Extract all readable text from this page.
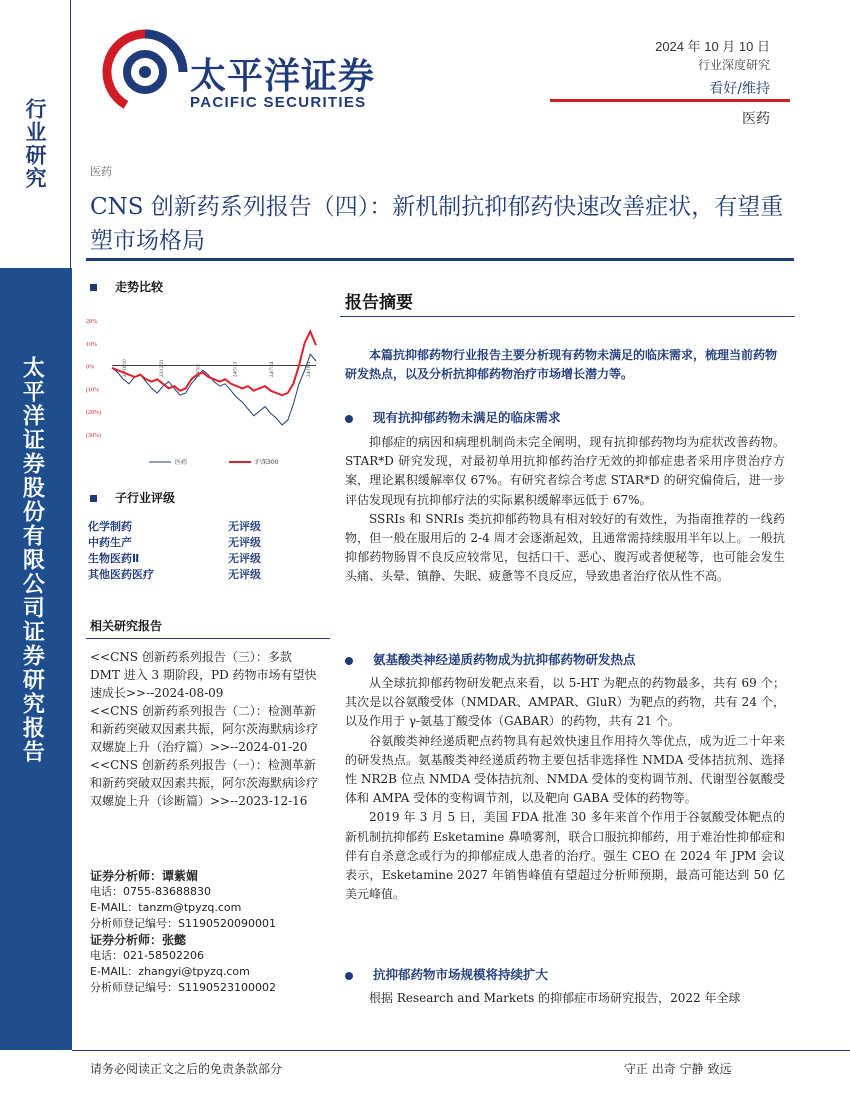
行业研究
太平洋证券股份有限公司证券研究报告
太平洋证券
PACIFIC SECURITIES
2024 年 10 月 10 日
行业深度研究
看好/维持
医药
医药
CNS 创新药系列报告（四）：新机制抗抑郁药快速改善症状，有望重塑市场格局
走势比较
20%
10%
0%
(10%
(20%)
(30%)
23/10/10	23/12/21	24/3/2	24/5/13	24/7/24	24/10/4
医药	沪深300
子行业评级
化学制药	无评级
中药生产	无评级
生物医药Ⅱ	无评级
其他医药医疗	无评级
相关研究报告
<<CNS 创新药系列报告（三）：多款 DMT 进入 3 期阶段，PD 药物市场有望快速成长>>--2024-08-09
<<CNS 创新药系列报告（二）：检测革新和新药突破双因素共振，阿尔茨海默病诊疗双螺旋上升（治疗篇）>>--2024-01-20
<<CNS 创新药系列报告（一）：检测革新和新药突破双因素共振，阿尔茨海默病诊疗双螺旋上升（诊断篇）>>--2023-12-16
证券分析师：谭紫媚
电话：0755-83688830
E-MAIL：tanzm@tpyzq.com
分析师登记编号：S1190520090001
证券分析师：张懿
电话：021-58502206
E-MAIL：zhangyi@tpyzq.com
分析师登记编号：S1190523100002
报告摘要
本篇抗抑郁药物行业报告主要分析现有药物未满足的临床需求，梳理当前药物研发热点，以及分析抗抑郁药物治疗市场增长潜力等。
现有抗抑郁药物未满足的临床需求

抑郁症的病因和病理机制尚未完全阐明，现有抗抑郁药物均为症状改善药物。STAR*D 研究发现，对最初单用抗抑郁药治疗无效的抑郁症患者采用序贯治疗方案，理论累积缓解率仅 67%。有研究者综合考虑 STAR*D 的研究偏倚后，进一步评估发现现有抗抑郁疗法的实际累积缓解率远低于 67%。

SSRIs 和 SNRIs 类抗抑郁药物具有相对较好的有效性，为指南推荐的一线药物，但一般在服用后的 2-4 周才会逐渐起效，且通常需持续服用半年以上。一般抗抑郁药物肠胃不良反应较常见，包括口干、恶心、腹泻或者便秘等，也可能会发生头痛、头晕、镇静、失眠、疲惫等不良反应，导致患者治疗依从性不高。

氨基酸类神经递质药物成为抗抑郁药物研发热点

从全球抗抑郁药物研发靶点来看，以 5-HT 为靶点的药物最多，共有 69 个；其次是以谷氨酸受体（NMDAR、AMPAR、GluR）为靶点的药物，共有 24 个，以及作用于 γ-氨基丁酸受体（GABAR）的药物，共有 21 个。

谷氨酸类神经递质靶点药物具有起效快速且作用持久等优点，成为近二十年来的研发热点。氨基酸类神经递质药物主要包括非选择性 NMDA 受体拮抗剂、选择性 NR2B 位点 NMDA 受体拮抗剂、NMDA 受体的变构调节剂、代谢型谷氨酸受体和 AMPA 受体的变构调节剂，以及靶向 GABA 受体的药物等。

2019 年 3 月 5 日，美国 FDA 批准 30 多年来首个作用于谷氨酸受体靶点的新机制抗抑郁药 Esketamine 鼻喷雾剂，联合口服抗抑郁药，用于难治性抑郁症和伴有自杀意念或行为的抑郁症成人患者的治疗。强生 CEO 在 2024 年 JPM 会议表示，Esketamine 2027 年销售峰值有望超过分析师预期，最高可能达到 50 亿美元峰值。

抗抑郁药物市场规模将持续扩大

根据 Research and Markets 的抑郁症市场研究报告，2022 年全球

请务必阅读正文之后的免责条款部分	守正 出奇 宁静 致远
